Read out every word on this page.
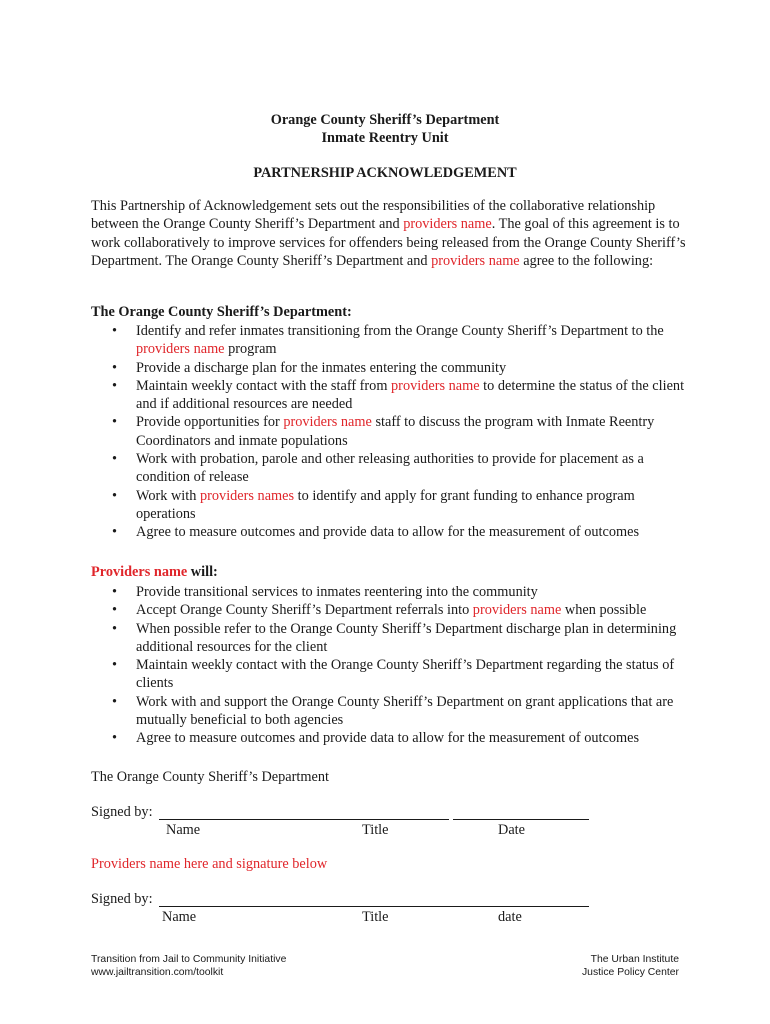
Orange County Sheriff’s Department
Inmate Reentry Unit
PARTNERSHIP ACKNOWLEDGEMENT
This Partnership of Acknowledgement sets out the responsibilities of the collaborative relationship between the Orange County Sheriff’s Department and providers name. The goal of this agreement is to work collaboratively to improve services for offenders being released from the Orange County Sheriff’s Department. The Orange County Sheriff’s Department and providers name agree to the following:
The Orange County Sheriff’s Department:
• Identify and refer inmates transitioning from the Orange County Sheriff’s Department to the providers name program
• Provide a discharge plan for the inmates entering the community
• Maintain weekly contact with the staff from providers name to determine the status of the client and if additional resources are needed
• Provide opportunities for providers name staff to discuss the program with Inmate Reentry Coordinators and inmate populations
• Work with probation, parole and other releasing authorities to provide for placement as a condition of release
• Work with providers names to identify and apply for grant funding to enhance program operations
• Agree to measure outcomes and provide data to allow for the measurement of outcomes
Providers name will:
• Provide transitional services to inmates reentering into the community
• Accept Orange County Sheriff’s Department referrals into providers name when possible
• When possible refer to the Orange County Sheriff’s Department discharge plan in determining additional resources for the client
• Maintain weekly contact with the Orange County Sheriff’s Department regarding the status of clients
• Work with and support the Orange County Sheriff’s Department on grant applications that are mutually beneficial to both agencies
• Agree to measure outcomes and provide data to allow for the measurement of outcomes
The Orange County Sheriff’s Department
Signed by:
Name	Title	Date
Providers name here and signature below
Signed by:
Name	Title	date
Transition from Jail to Community Initiative
www.jailtransition.com/toolkit
The Urban Institute
Justice Policy Center
